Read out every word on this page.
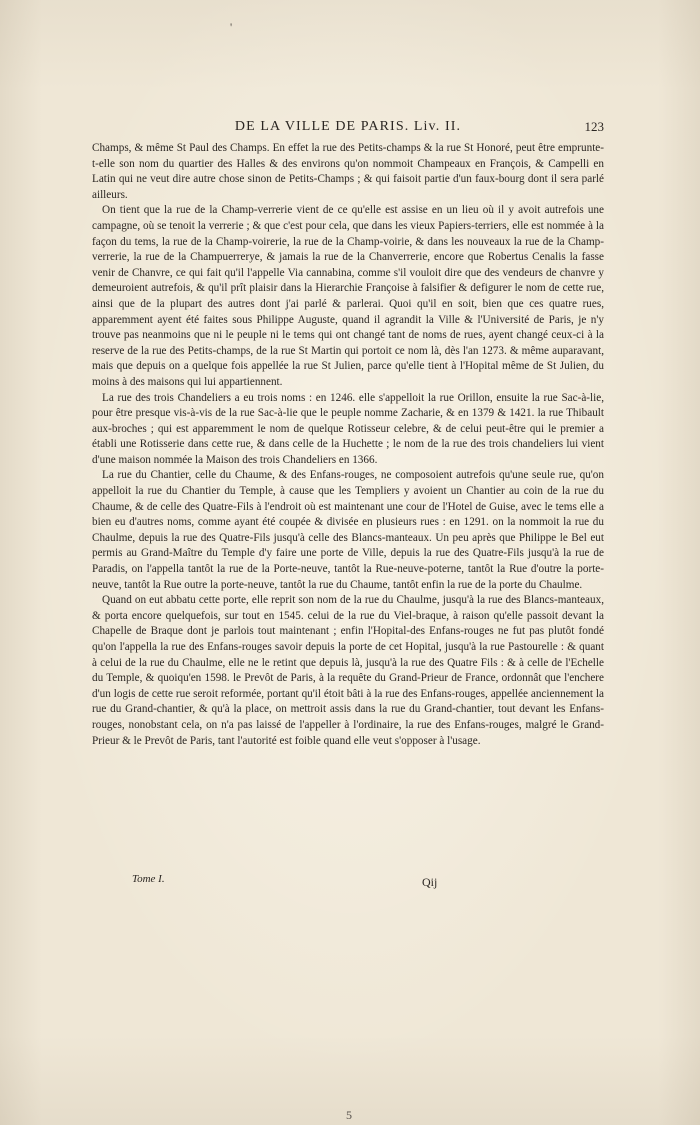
'
DE LA VILLE DE PARIS. Liv. II.	123

Champs, & même St Paul des Champs. En effet la rue des Petits-champs & la rue St Honoré, peut être emprunte-t-elle son nom du quartier des Halles & des environs qu'on nommoit Champeaux en François, & Campelli en Latin qui ne veut dire autre chose sinon de Petits-Champs ; & qui faisoit partie d'un faux-bourg dont il sera parlé ailleurs.

On tient que la rue de la Champ-verrerie vient de ce qu'elle est assise en un lieu où il y avoit autrefois une campagne, où se tenoit la verrerie ; & que c'est pour cela, que dans les vieux Papiers-terriers, elle est nommée à la façon du tems, la rue de la Champ-voirerie, la rue de la Champ-voirie, & dans les nouveaux la rue de la Champ-verrerie, la rue de la Champuerrerye, & jamais la rue de la Chanverrerie, encore que Robertus Cenalis la fasse venir de Chanvre, ce qui fait qu'il l'appelle Via cannabina, comme s'il vouloit dire que des vendeurs de chanvre y demeuroient autrefois, & qu'il prît plaisir dans la Hierarchie Françoise à falsifier & defigurer le nom de cette rue, ainsi que de la plupart des autres dont j'ai parlé & parlerai. Quoi qu'il en soit, bien que ces quatre rues, apparemment ayent été faites sous Philippe Auguste, quand il agrandit la Ville & l'Université de Paris, je n'y trouve pas neanmoins que ni le peuple ni le tems qui ont changé tant de noms de rues, ayent changé ceux-ci à la reserve de la rue des Petits-champs, de la rue St Martin qui portoit ce nom là, dès l'an 1273. & même auparavant, mais que depuis on a quelque fois appellée la rue St Julien, parce qu'elle tient à l'Hopital même de St Julien, du moins à des maisons qui lui appartiennent.

La rue des trois Chandeliers a eu trois noms : en 1246. elle s'appelloit la rue Orillon, ensuite la rue Sac-à-lie, pour être presque vis-à-vis de la rue Sac-à-lie que le peuple nomme Zacharie, & en 1379 & 1421. la rue Thibault aux-broches ; qui est apparemment le nom de quelque Rotisseur celebre, & de celui peut-être qui le premier a établi une Rotisserie dans cette rue, & dans celle de la Huchette ; le nom de la rue des trois chandeliers lui vient d'une maison nommée la Maison des trois Chandeliers en 1366.

La rue du Chantier, celle du Chaume, & des Enfans-rouges, ne composoient autrefois qu'une seule rue, qu'on appelloit la rue du Chantier du Temple, à cause que les Templiers y avoient un Chantier au coin de la rue du Chaume, & de celle des Quatre-Fils à l'endroit où est maintenant une cour de l'Hotel de Guise, avec le tems elle a bien eu d'autres noms, comme ayant été coupée & divisée en plusieurs rues : en 1291. on la nommoit la rue du Chaulme, depuis la rue des Quatre-Fils jusqu'à celle des Blancs-manteaux. Un peu après que Philippe le Bel eut permis au Grand-Maître du Temple d'y faire une porte de Ville, depuis la rue des Quatre-Fils jusqu'à la rue de Paradis, on l'appella tantôt la rue de la Porte-neuve, tantôt la Rue-neuve-poterne, tantôt la Rue d'outre la porte-neuve, tantôt la Rue outre la porte-neuve, tantôt la rue du Chaume, tantôt enfin la rue de la porte du Chaulme.

Quand on eut abbatu cette porte, elle reprit son nom de la rue du Chaulme, jusqu'à la rue des Blancs-manteaux, & porta encore quelquefois, sur tout en 1545. celui de la rue du Viel-braque, à raison qu'elle passoit devant la Chapelle de Braque dont je parlois tout maintenant ; enfin l'Hopital-des Enfans-rouges ne fut pas plutôt fondé qu'on l'appella la rue des Enfans-rouges savoir depuis la porte de cet Hopital, jusqu'à la rue Pastourelle : & quant à celui de la rue du Chaulme, elle ne le retint que depuis là, jusqu'à la rue des Quatre Fils : & à celle de l'Echelle du Temple, & quoiqu'en 1598. le Prevôt de Paris, à la requête du Grand-Prieur de France, ordonnât que l'enchere d'un logis de cette rue seroit reformée, portant qu'il étoit bâti à la rue des Enfans-rouges, appellée anciennement la rue du Grand-chantier, & qu'à la place, on mettroit assis dans la rue du Grand-chantier, tout devant les Enfans-rouges, nonobstant cela, on n'a pas laissé de l'appeller à l'ordinaire, la rue des Enfans-rouges, malgré le Grand-Prieur & le Prevôt de Paris, tant l'autorité est foible quand elle veut s'opposer à l'usage.

Tome I.	Qij
5
